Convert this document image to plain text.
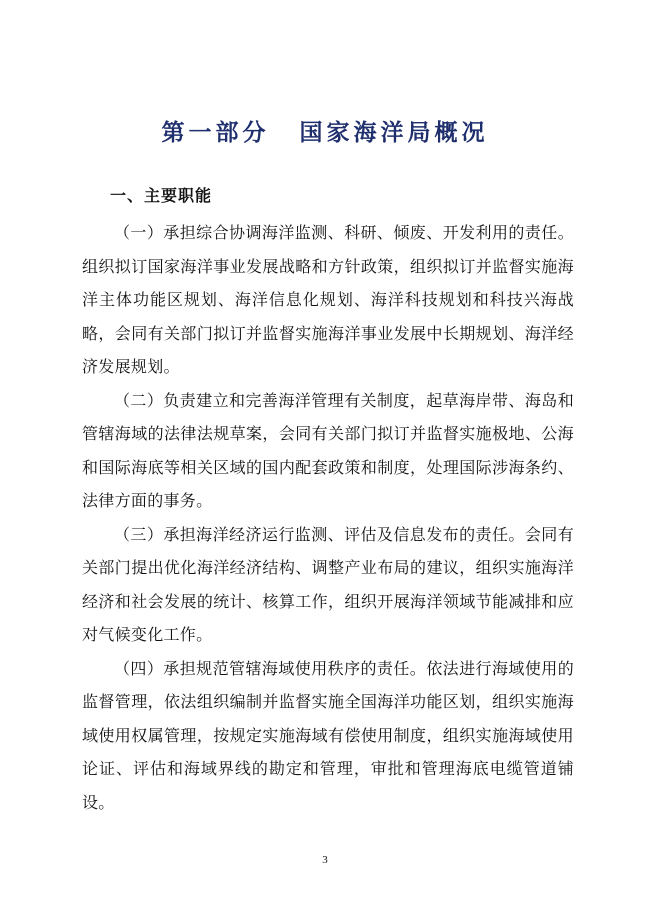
第一部分 国家海洋局概况
一、主要职能

（一）承担综合协调海洋监测、科研、倾废、开发利用的责任。组织拟订国家海洋事业发展战略和方针政策，组织拟订并监督实施海洋主体功能区规划、海洋信息化规划、海洋科技规划和科技兴海战略，会同有关部门拟订并监督实施海洋事业发展中长期规划、海洋经济发展规划。

（二）负责建立和完善海洋管理有关制度，起草海岸带、海岛和管辖海域的法律法规草案，会同有关部门拟订并监督实施极地、公海和国际海底等相关区域的国内配套政策和制度，处理国际涉海条约、法律方面的事务。

（三）承担海洋经济运行监测、评估及信息发布的责任。会同有关部门提出优化海洋经济结构、调整产业布局的建议，组织实施海洋经济和社会发展的统计、核算工作，组织开展海洋领域节能减排和应对气候变化工作。

（四）承担规范管辖海域使用秩序的责任。依法进行海域使用的监督管理，依法组织编制并监督实施全国海洋功能区划，组织实施海域使用权属管理，按规定实施海域有偿使用制度，组织实施海域使用论证、评估和海域界线的勘定和管理，审批和管理海底电缆管道铺设。

3
